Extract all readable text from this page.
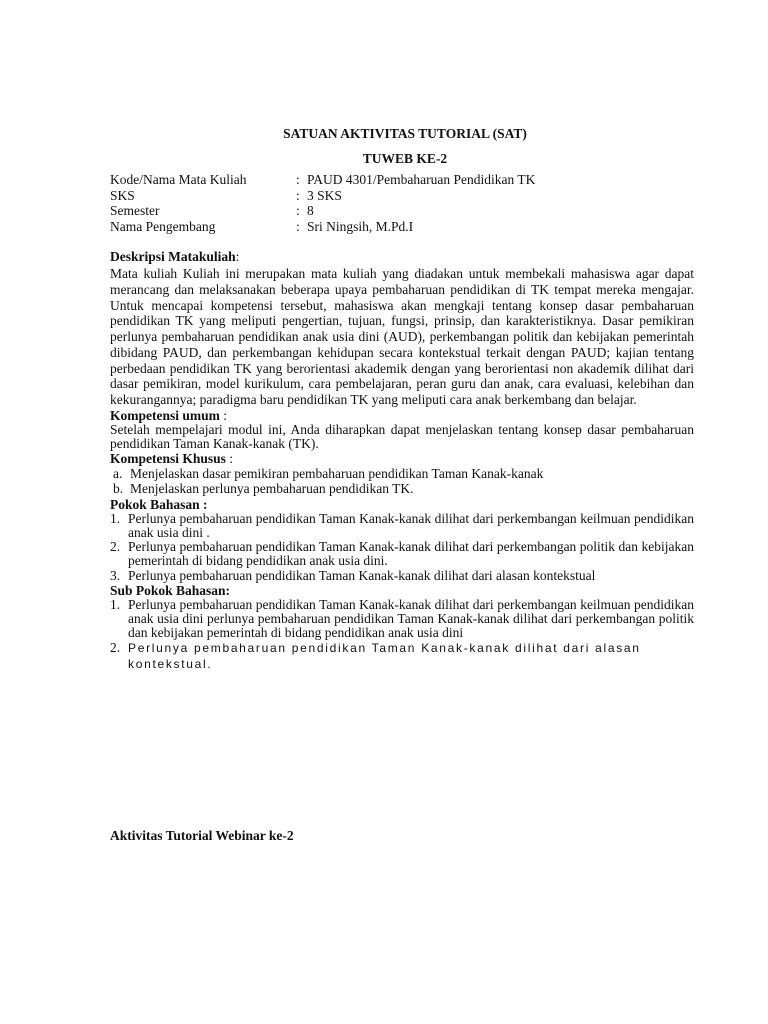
SATUAN AKTIVITAS TUTORIAL (SAT)
TUWEB KE-2
Kode/Nama Mata Kuliah	: PAUD 4301/Pembaharuan Pendidikan TK
SKS	: 3 SKS
Semester	: 8
Nama Pengembang	: Sri Ningsih, M.Pd.I
Deskripsi Matakuliah:

Mata kuliah Kuliah ini merupakan mata kuliah yang diadakan untuk membekali mahasiswa agar dapat merancang dan melaksanakan beberapa upaya pembaharuan pendidikan di TK tempat mereka mengajar. Untuk mencapai kompetensi tersebut, mahasiswa akan mengkaji tentang konsep dasar pembaharuan pendidikan TK yang meliputi pengertian, tujuan, fungsi, prinsip, dan karakteristiknya. Dasar pemikiran perlunya pembaharuan pendidikan anak usia dini (AUD), perkembangan politik dan kebijakan pemerintah dibidang PAUD, dan perkembangan kehidupan secara kontekstual terkait dengan PAUD; kajian tentang perbedaan pendidikan TK yang berorientasi akademik dengan yang berorientasi non akademik dilihat dari dasar pemikiran, model kurikulum, cara pembelajaran, peran guru dan anak, cara evaluasi, kelebihan dan kekurangannya; paradigma baru pendidikan TK yang meliputi cara anak berkembang dan belajar.

Kompetensi umum :

Setelah mempelajari modul ini, Anda diharapkan dapat menjelaskan tentang konsep dasar pembaharuan pendidikan Taman Kanak-kanak (TK).

Kompetensi Khusus :
a. Menjelaskan dasar pemikiran pembaharuan pendidikan Taman Kanak-kanak
b. Menjelaskan perlunya pembaharuan pendidikan TK.
Pokok Bahasan :
1. Perlunya pembaharuan pendidikan Taman Kanak-kanak dilihat dari perkembangan keilmuan pendidikan anak usia dini .
2. Perlunya pembaharuan pendidikan Taman Kanak-kanak dilihat dari perkembangan politik dan kebijakan pemerintah di bidang pendidikan anak usia dini.
3. Perlunya pembaharuan pendidikan Taman Kanak-kanak dilihat dari alasan kontekstual
Sub Pokok Bahasan:
1. Perlunya pembaharuan pendidikan Taman Kanak-kanak dilihat dari perkembangan keilmuan pendidikan anak usia dini perlunya pembaharuan pendidikan Taman Kanak-kanak dilihat dari perkembangan politik dan kebijakan pemerintah di bidang pendidikan anak usia dini
2. Perlunya pembaharuan pendidikan Taman Kanak-kanak dilihat dari alasan kontekstual.
Aktivitas Tutorial Webinar ke-2
